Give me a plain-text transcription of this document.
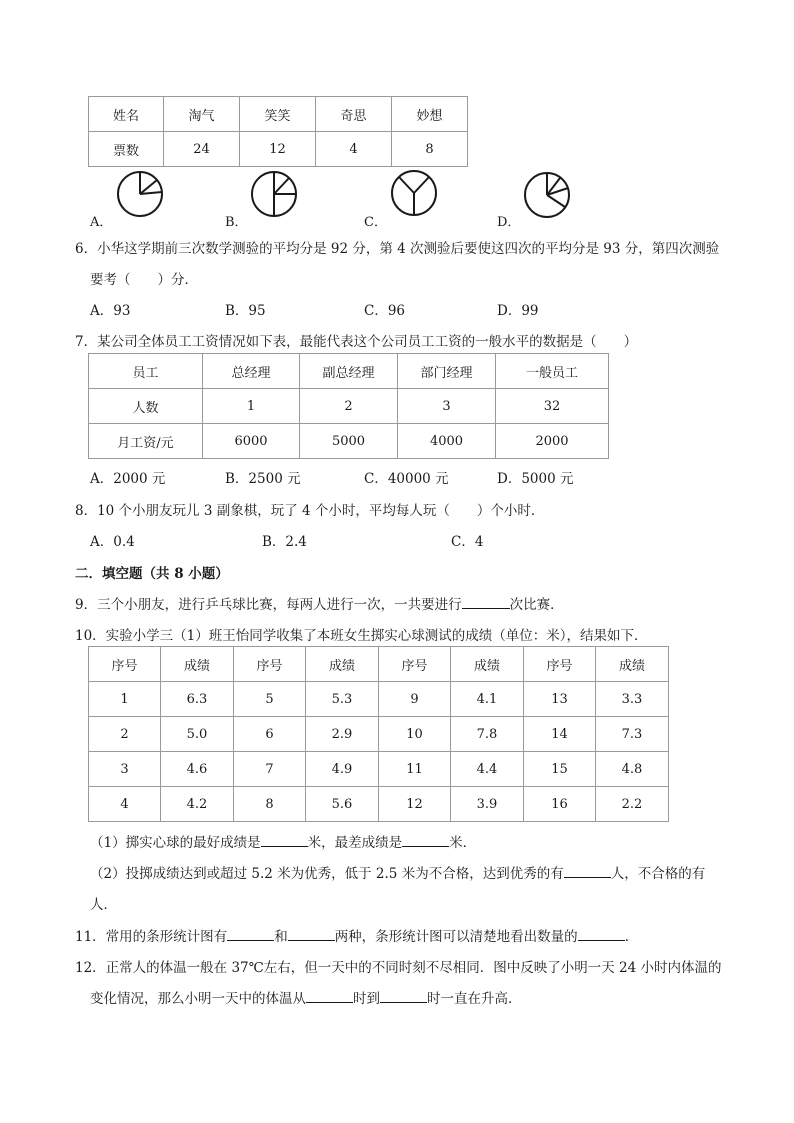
姓名	淘气	笑笑	奇思	妙想
票数	24	12	4	8
A．	B．	C．	D．
6．小华这学期前三次数学测验的平均分是 92 分，第 4 次测验后要使这四次的平均分是 93 分，第四次测验
要考（　　）分．
A．93	B．95	C．96	D．99
7．某公司全体员工工资情况如下表，最能代表这个公司员工工资的一般水平的数据是（　　）
员工	总经理	副总经理	部门经理	一般员工
人数	1	2	3	32
月工资/元	6000	5000	4000	2000
A．2000 元	B．2500 元	C．40000 元	D．5000 元
8．10 个小朋友玩儿 3 副象棋，玩了 4 个小时，平均每人玩（　　）个小时．
A．0.4	B．2.4	C．4
二．填空题（共 8 小题）
9．三个小朋友，进行乒乓球比赛，每两人进行一次，一共要进行	次比赛．
10．实验小学三（1）班王怡同学收集了本班女生掷实心球测试的成绩（单位：米），结果如下．
序号	成绩	序号	成绩	序号	成绩	序号	成绩
1	6.3	5	5.3	9	4.1	13	3.3
2	5.0	6	2.9	10	7.8	14	7.3
3	4.6	7	4.9	11	4.4	15	4.8
4	4.2	8	5.6	12	3.9	16	2.2
（1）掷实心球的最好成绩是	米，最差成绩是	米．
（2）投掷成绩达到或超过 5.2 米为优秀，低于 2.5 米为不合格，达到优秀的有	人，不合格的有
人．
11．常用的条形统计图有	和	两种，条形统计图可以清楚地看出数量的	．
12．正常人的体温一般在 37℃左右，但一天中的不同时刻不尽相同．图中反映了小明一天 24 小时内体温的
变化情况，那么小明一天中的体温从	时到	时一直在升高．
